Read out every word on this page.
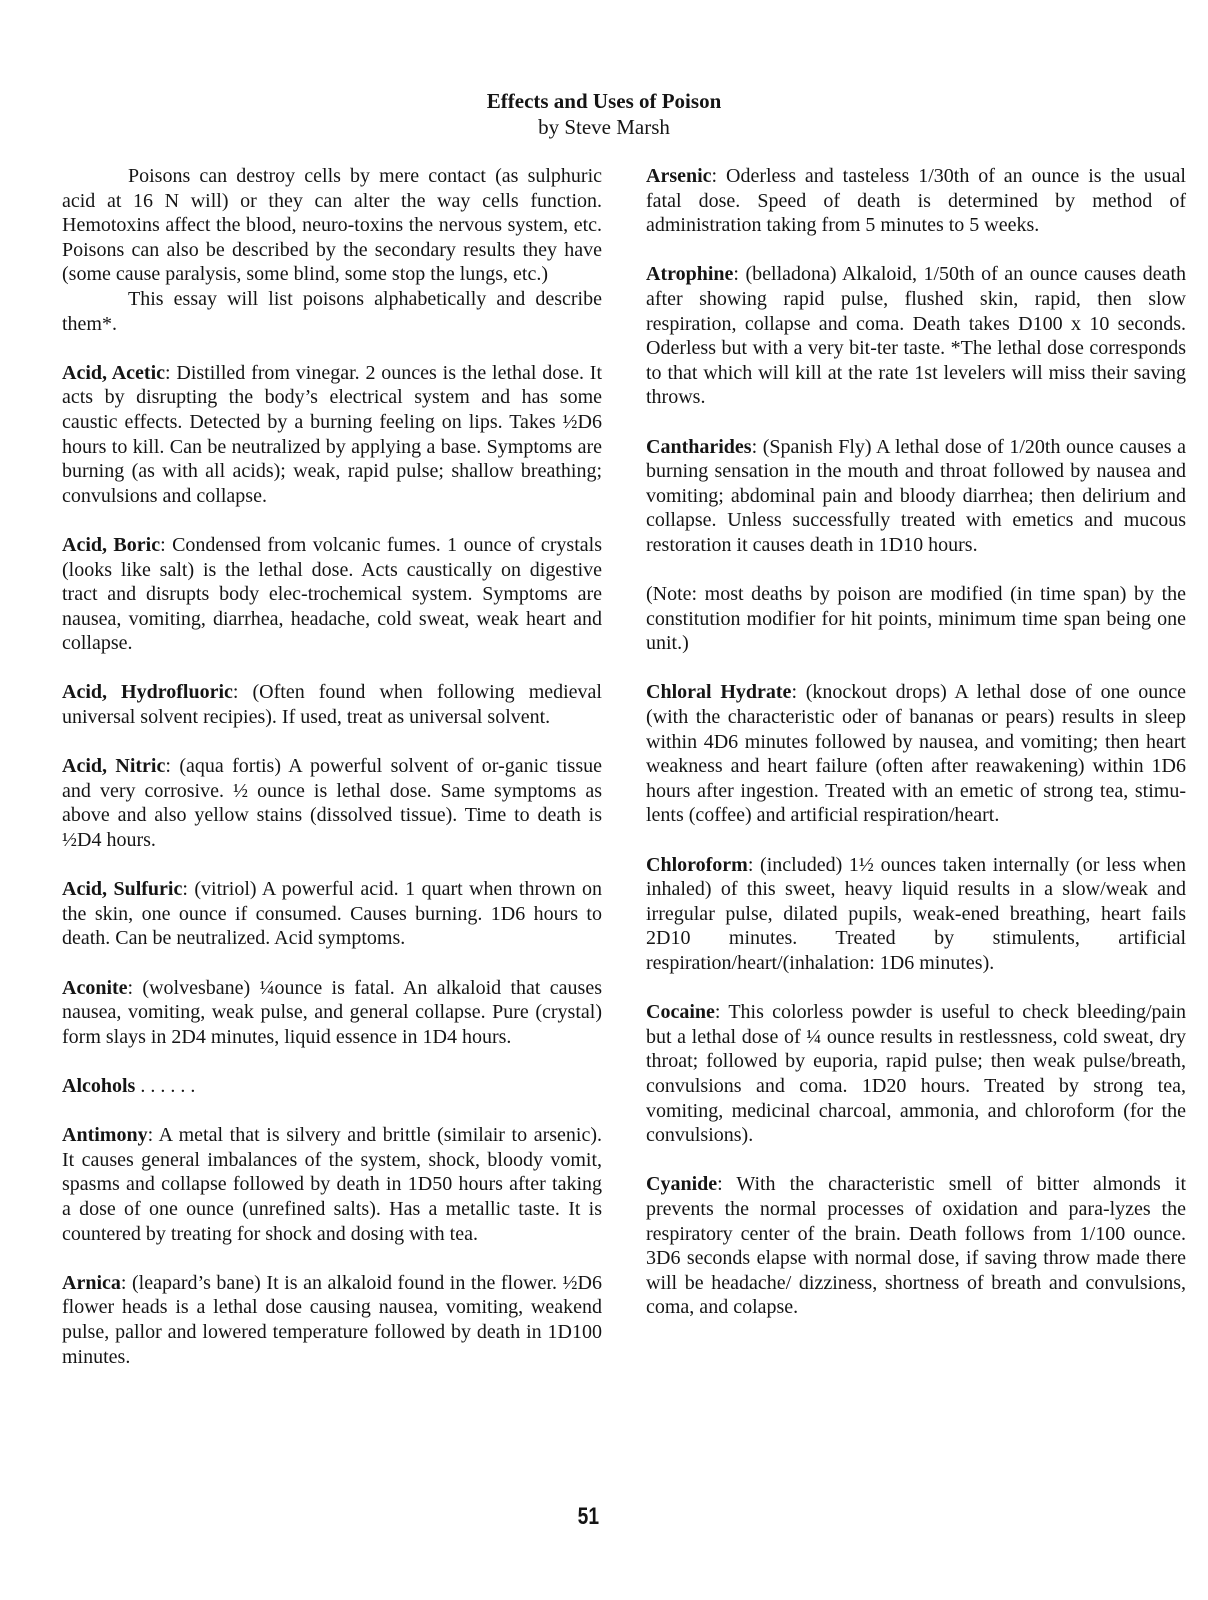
Effects and Uses of Poison
by Steve Marsh

Poisons can destroy cells by mere contact (as sulphuric acid at 16 N will) or they can alter the way cells function. Hemotoxins affect the blood, neuro-toxins the nervous system, etc. Poisons can also be described by the secondary results they have (some cause paralysis, some blind, some stop the lungs, etc.)

This essay will list poisons alphabetically and describe them*.

Acid, Acetic: Distilled from vinegar. 2 ounces is the lethal dose. It acts by disrupting the body’s electrical system and has some caustic effects. Detected by a burning feeling on lips. Takes ½D6 hours to kill. Can be neutralized by applying a base. Symptoms are burning (as with all acids); weak, rapid pulse; shallow breathing; convulsions and collapse.

Acid, Boric: Condensed from volcanic fumes. 1 ounce of crystals (looks like salt) is the lethal dose. Acts caustically on digestive tract and disrupts body elec-trochemical system. Symptoms are nausea, vomiting, diarrhea, headache, cold sweat, weak heart and collapse.

Acid, Hydrofluoric: (Often found when following medieval universal solvent recipies). If used, treat as universal solvent.

Acid, Nitric: (aqua fortis) A powerful solvent of or-ganic tissue and very corrosive. ½ ounce is lethal dose. Same symptoms as above and also yellow stains (dissolved tissue). Time to death is ½D4 hours.

Acid, Sulfuric: (vitriol) A powerful acid. 1 quart when thrown on the skin, one ounce if consumed. Causes burning. 1D6 hours to death. Can be neutralized. Acid symptoms.

Aconite: (wolvesbane) ¼ounce is fatal. An alkaloid that causes nausea, vomiting, weak pulse, and general collapse. Pure (crystal) form slays in 2D4 minutes, liquid essence in 1D4 hours.

Alcohols . . . . . .

Antimony: A metal that is silvery and brittle (similair to arsenic). It causes general imbalances of the system, shock, bloody vomit, spasms and collapse followed by death in 1D50 hours after taking a dose of one ounce (unrefined salts). Has a metallic taste. It is countered by treating for shock and dosing with tea.

Arnica: (leapard’s bane) It is an alkaloid found in the flower. ½D6 flower heads is a lethal dose causing nausea, vomiting, weakend pulse, pallor and lowered temperature followed by death in 1D100 minutes.

Arsenic: Oderless and tasteless 1/30th of an ounce is the usual fatal dose. Speed of death is determined by method of administration taking from 5 minutes to 5 weeks.

Atrophine: (belladona) Alkaloid, 1/50th of an ounce causes death after showing rapid pulse, flushed skin, rapid, then slow respiration, collapse and coma. Death takes D100 x 10 seconds. Oderless but with a very bit-ter taste. *The lethal dose corresponds to that which will kill at the rate 1st levelers will miss their saving throws.

Cantharides: (Spanish Fly) A lethal dose of 1/20th ounce causes a burning sensation in the mouth and throat followed by nausea and vomiting; abdominal pain and bloody diarrhea; then delirium and collapse. Unless successfully treated with emetics and mucous restoration it causes death in 1D10 hours.

(Note: most deaths by poison are modified (in time span) by the constitution modifier for hit points, minimum time span being one unit.)

Chloral Hydrate: (knockout drops) A lethal dose of one ounce (with the characteristic oder of bananas or pears) results in sleep within 4D6 minutes followed by nausea, and vomiting; then heart weakness and heart failure (often after reawakening) within 1D6 hours after ingestion. Treated with an emetic of strong tea, stimu-lents (coffee) and artificial respiration/heart.

Chloroform: (included) 1½ ounces taken internally (or less when inhaled) of this sweet, heavy liquid results in a slow/weak and irregular pulse, dilated pupils, weak-ened breathing, heart fails 2D10 minutes. Treated by stimulents, artificial respiration/heart/(inhalation: 1D6 minutes).

Cocaine: This colorless powder is useful to check bleeding/pain but a lethal dose of ¼ ounce results in restlessness, cold sweat, dry throat; followed by euporia, rapid pulse; then weak pulse/breath, convulsions and coma. 1D20 hours. Treated by strong tea, vomiting, medicinal charcoal, ammonia, and chloroform (for the convulsions).

Cyanide: With the characteristic smell of bitter almonds it prevents the normal processes of oxidation and para-lyzes the respiratory center of the brain. Death follows from 1/100 ounce. 3D6 seconds elapse with normal dose, if saving throw made there will be headache/ dizziness, shortness of breath and convulsions, coma, and colapse.

51
